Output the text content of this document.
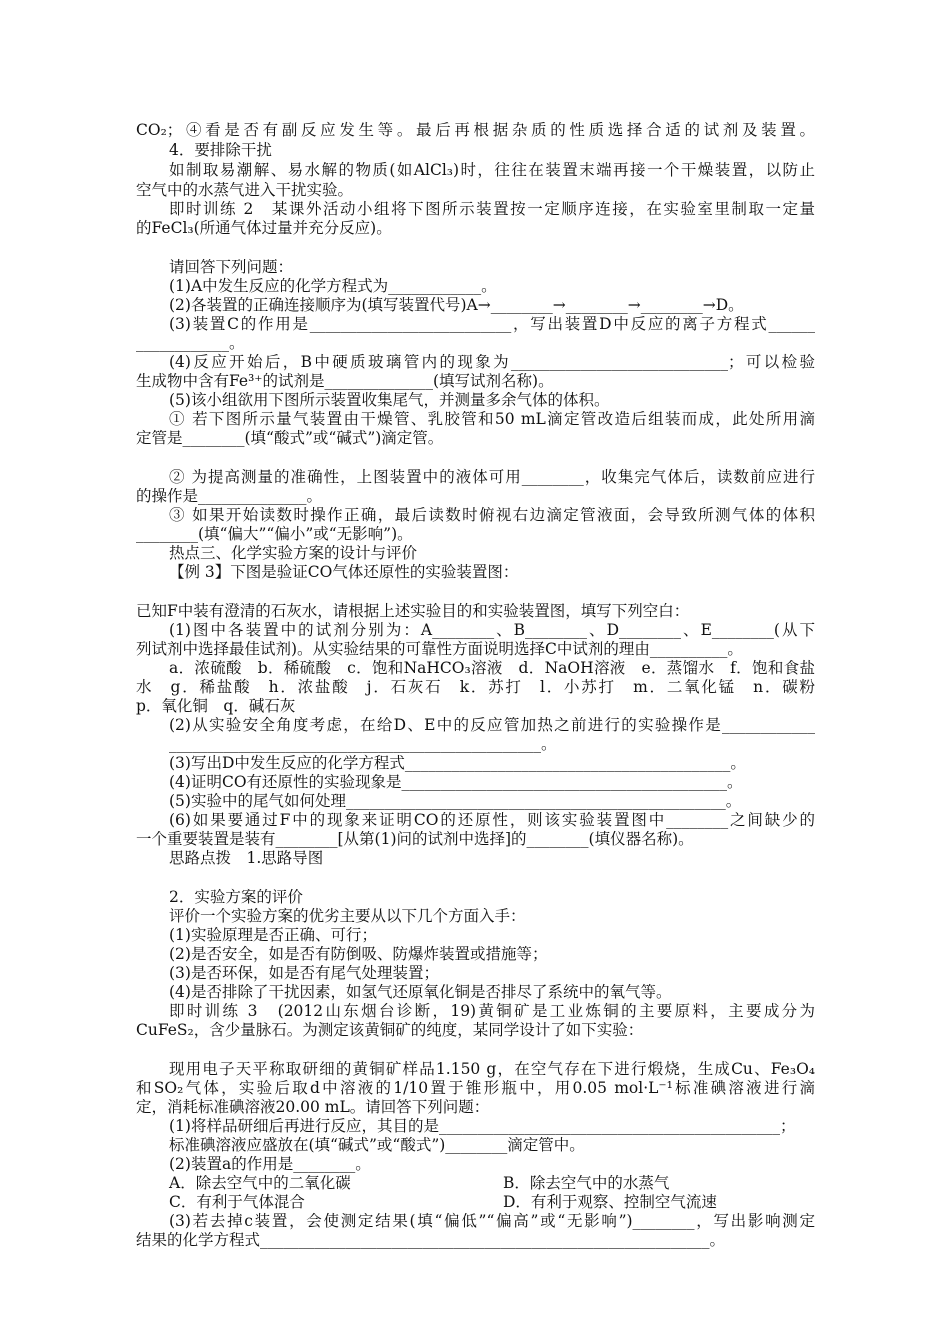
CO₂；④看是否有副反应发生等。最后再根据杂质的性质选择合适的试剂及装置。
4．要排除干扰
如制取易潮解、易水解的物质(如AlCl₃)时，往往在装置末端再接一个干燥装置，以防止
空气中的水蒸气进入干扰实验。
即时训练 2　某课外活动小组将下图所示装置按一定顺序连接，在实验室里制取一定量
的FeCl₃(所通气体过量并充分反应)。
请回答下列问题：
(1)A中发生反应的化学方程式为____________。
(2)各装置的正确连接顺序为(填写装置代号)A→________→________→________→D。
(3)装置C的作用是__________________________，写出装置D中反应的离子方程式______
____________。
(4)反应开始后，B中硬质玻璃管内的现象为____________________________；可以检验
生成物中含有Fe³⁺的试剂是______________(填写试剂名称)。
(5)该小组欲用下图所示装置收集尾气，并测量多余气体的体积。
① 若下图所示量气装置由干燥管、乳胶管和50 mL滴定管改造后组装而成，此处所用滴
定管是________(填“酸式”或“碱式”)滴定管。
② 为提高测量的准确性，上图装置中的液体可用________，收集完气体后，读数前应进行
的操作是______________。
③ 如果开始读数时操作正确，最后读数时俯视右边滴定管液面，会导致所测气体的体积
________(填“偏大”“偏小”或“无影响”)。
热点三、化学实验方案的设计与评价
【例 3】下图是验证CO气体还原性的实验装置图：
已知F中装有澄清的石灰水，请根据上述实验目的和实验装置图，填写下列空白：
(1)图中各装置中的试剂分别为：A________、B________、D________、E________(从下
列试剂中选择最佳试剂)。从实验结果的可靠性方面说明选择C中试剂的理由__________。
a．浓硫酸　b．稀硫酸　c．饱和NaHCO₃溶液　d．NaOH溶液　e．蒸馏水　f．饱和食盐
水　g．稀盐酸　h．浓盐酸　j．石灰石　k．苏打　l．小苏打　m．二氧化锰　n．碳粉
p．氧化铜　q．碱石灰
(2)从实验安全角度考虑，在给D、E中的反应管加热之前进行的实验操作是____________
________________________________________________。
(3)写出D中发生反应的化学方程式__________________________________________。
(4)证明CO有还原性的实验现象是__________________________________________。
(5)实验中的尾气如何处理_________________________________________________。
(6)如果要通过F中的现象来证明CO的还原性，则该实验装置图中________之间缺少的
一个重要装置是装有________[从第(1)问的试剂中选择]的________(填仪器名称)。
思路点拨　1.思路导图
2．实验方案的评价
评价一个实验方案的优劣主要从以下几个方面入手：
(1)实验原理是否正确、可行；
(2)是否安全，如是否有防倒吸、防爆炸装置或措施等；
(3)是否环保，如是否有尾气处理装置；
(4)是否排除了干扰因素，如氢气还原氧化铜是否排尽了系统中的氧气等。
即时训练 3　(2012山东烟台诊断，19)黄铜矿是工业炼铜的主要原料，主要成分为
CuFeS₂，含少量脉石。为测定该黄铜矿的纯度，某同学设计了如下实验：
现用电子天平称取研细的黄铜矿样品1.150 g，在空气存在下进行煅烧，生成Cu、Fe₃O₄
和SO₂气体，实验后取d中溶液的1/10置于锥形瓶中，用0.05 mol·L⁻¹标准碘溶液进行滴
定，消耗标准碘溶液20.00 mL。请回答下列问题：
(1)将样品研细后再进行反应，其目的是____________________________________________；
标准碘溶液应盛放在(填“碱式”或“酸式”)________滴定管中。
(2)装置a的作用是________。
A．除去空气中的二氧化碳	B．除去空气中的水蒸气
C．有利于气体混合	D．有利于观察、控制空气流速
(3)若去掉c装置，会使测定结果(填“偏低”“偏高”或“无影响”)________，写出影响测定
结果的化学方程式__________________________________________________________。
